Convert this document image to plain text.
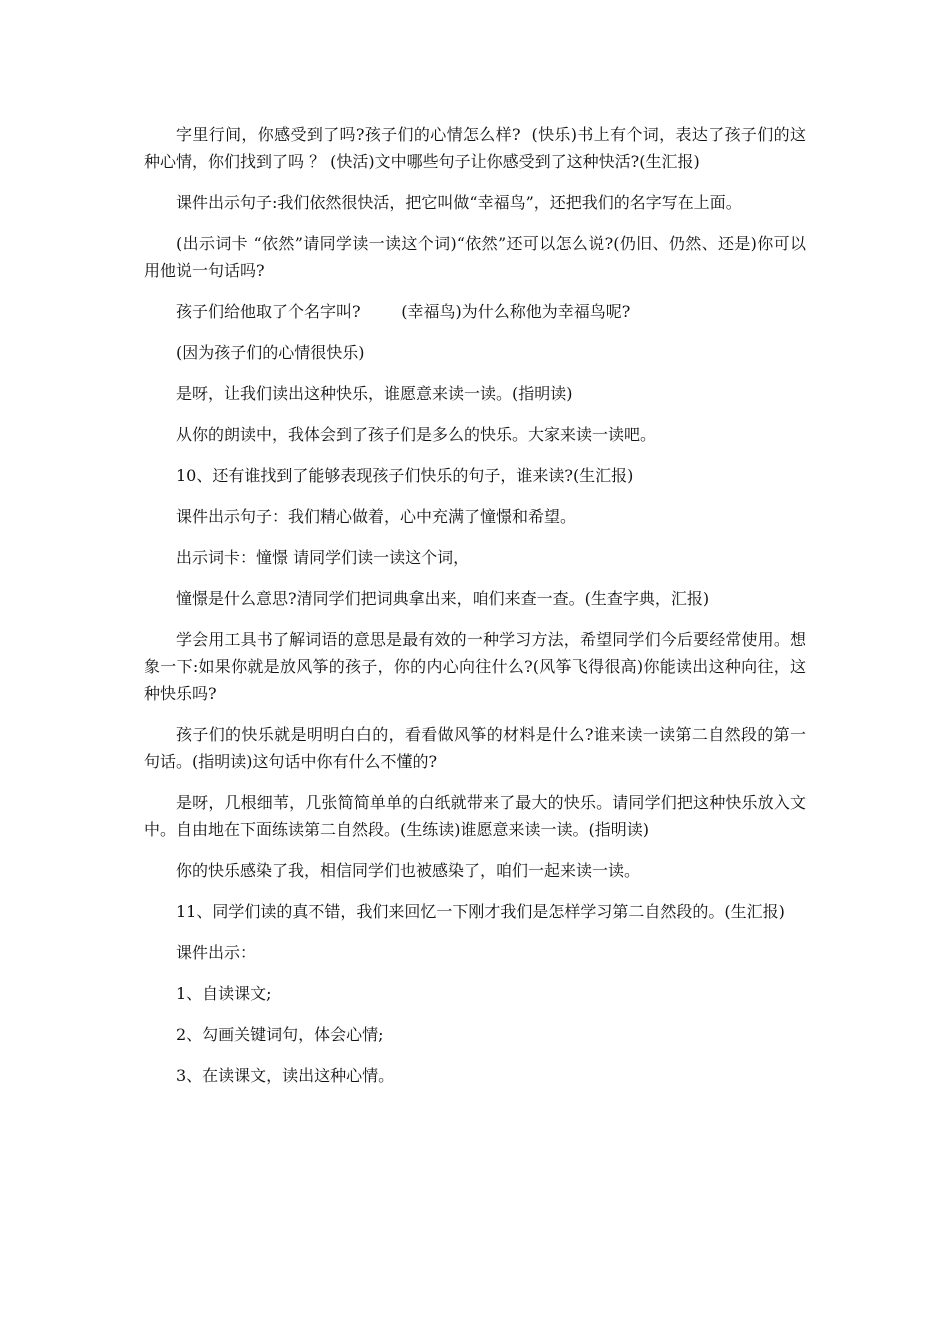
字里行间，你感受到了吗?孩子们的心情怎么样?  (快乐)书上有个词，表达了孩子们的这种心情，你们找到了吗 ？ (快活)文中哪些句子让你感受到了这种快活?(生汇报)

课件出示句子:我们依然很快活，把它叫做“幸福鸟”，还把我们的名字写在上面。

(出示词卡 “依然”请同学读一读这个词)“依然”还可以怎么说?(仍旧、仍然、还是)你可以用他说一句话吗?

孩子们给他取了个名字叫?        (幸福鸟)为什么称他为幸福鸟呢?

(因为孩子们的心情很快乐)

是呀，让我们读出这种快乐，谁愿意来读一读。(指明读)

从你的朗读中，我体会到了孩子们是多么的快乐。大家来读一读吧。

10、还有谁找到了能够表现孩子们快乐的句子，谁来读?(生汇报)

课件出示句子：我们精心做着，心中充满了憧憬和希望。

出示词卡：憧憬 请同学们读一读这个词，

憧憬是什么意思?清同学们把词典拿出来，咱们来查一查。(生查字典，汇报)

学会用工具书了解词语的意思是最有效的一种学习方法，希望同学们今后要经常使用。想象一下:如果你就是放风筝的孩子，你的内心向往什么?(风筝飞得很高)你能读出这种向往，这种快乐吗?

孩子们的快乐就是明明白白的，看看做风筝的材料是什么?谁来读一读第二自然段的第一句话。(指明读)这句话中你有什么不懂的?

是呀，几根细苇，几张简简单单的白纸就带来了最大的快乐。请同学们把这种快乐放入文中。自由地在下面练读第二自然段。(生练读)谁愿意来读一读。(指明读)

你的快乐感染了我，相信同学们也被感染了，咱们一起来读一读。

11、同学们读的真不错，我们来回忆一下刚才我们是怎样学习第二自然段的。(生汇报)

课件出示：

1、自读课文;

2、勾画关键词句，体会心情;

3、在读课文，读出这种心情。
